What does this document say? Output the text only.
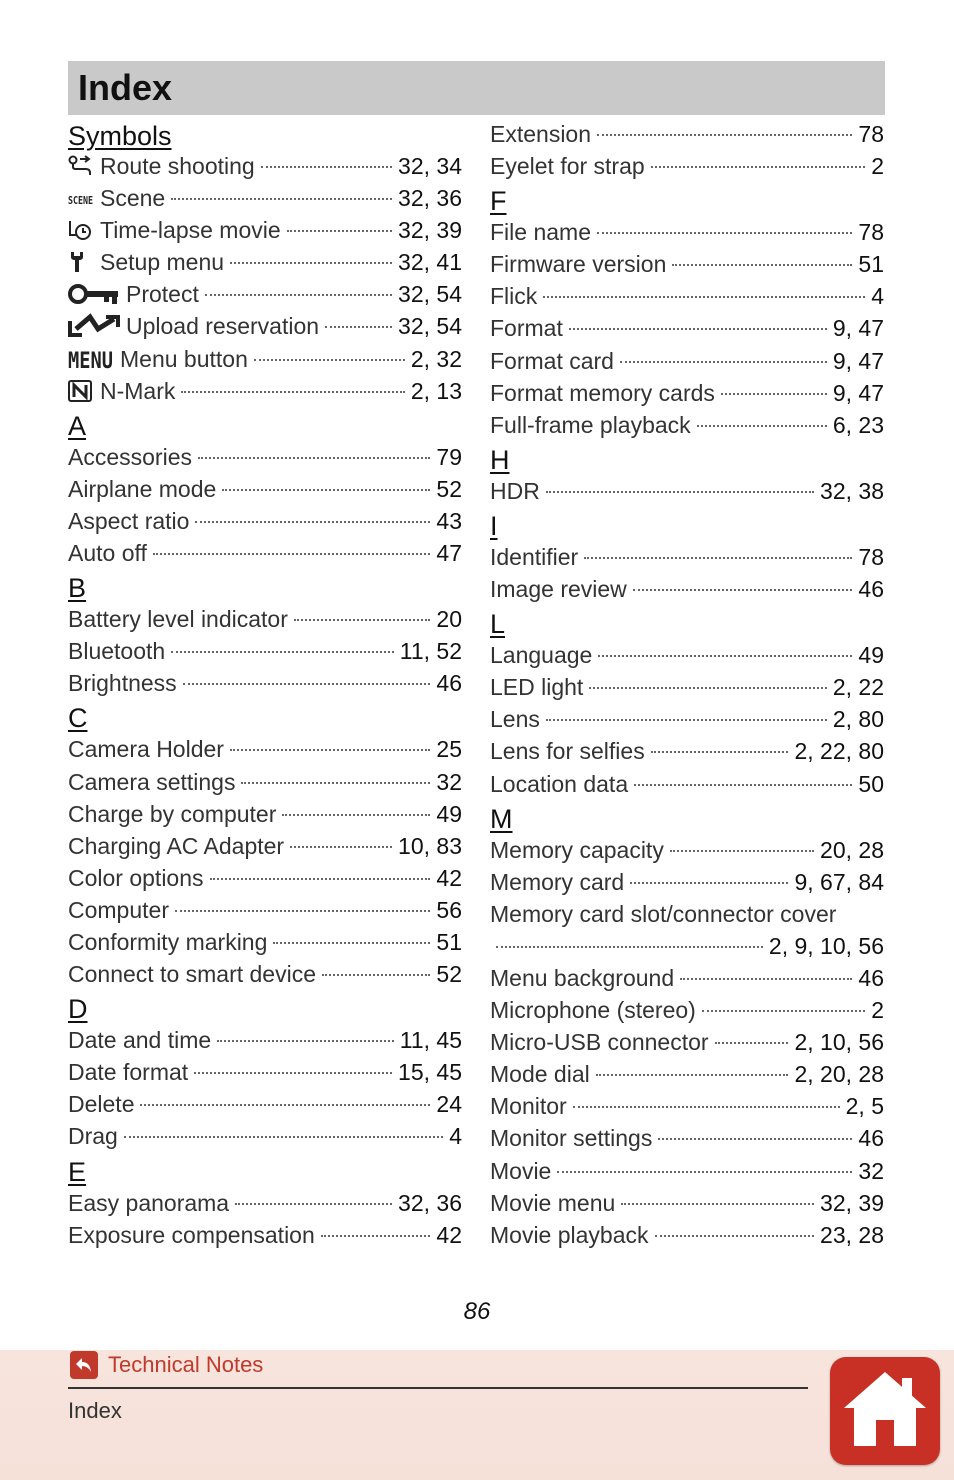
Index
Symbols
Route shooting	32, 34
SCENE Scene	32, 36
Time-lapse movie	32, 39
Setup menu	32, 41
Protect	32, 54
Upload reservation	32, 54
MENU Menu button	2, 32
N-Mark	2, 13
A
Accessories	79
Airplane mode	52
Aspect ratio	43
Auto off	47
B
Battery level indicator	20
Bluetooth	11, 52
Brightness	46
C
Camera Holder	25
Camera settings	32
Charge by computer	49
Charging AC Adapter	10, 83
Color options	42
Computer	56
Conformity marking	51
Connect to smart device	52
D
Date and time	11, 45
Date format	15, 45
Delete	24
Drag	4
E
Easy panorama	32, 36
Exposure compensation	42
Extension	78
Eyelet for strap	2
F
File name	78
Firmware version	51
Flick	4
Format	9, 47
Format card	9, 47
Format memory cards	9, 47
Full-frame playback	6, 23
H
HDR	32, 38
I
Identifier	78
Image review	46
L
Language	49
LED light	2, 22
Lens	2, 80
Lens for selfies	2, 22, 80
Location data	50
M
Memory capacity	20, 28
Memory card	9, 67, 84
Memory card slot/connector cover
2, 9, 10, 56
Menu background	46
Microphone (stereo)	2
Micro-USB connector	2, 10, 56
Mode dial	2, 20, 28
Monitor	2, 5
Monitor settings	46
Movie	32
Movie menu	32, 39
Movie playback	23, 28
86
Technical Notes
Index
